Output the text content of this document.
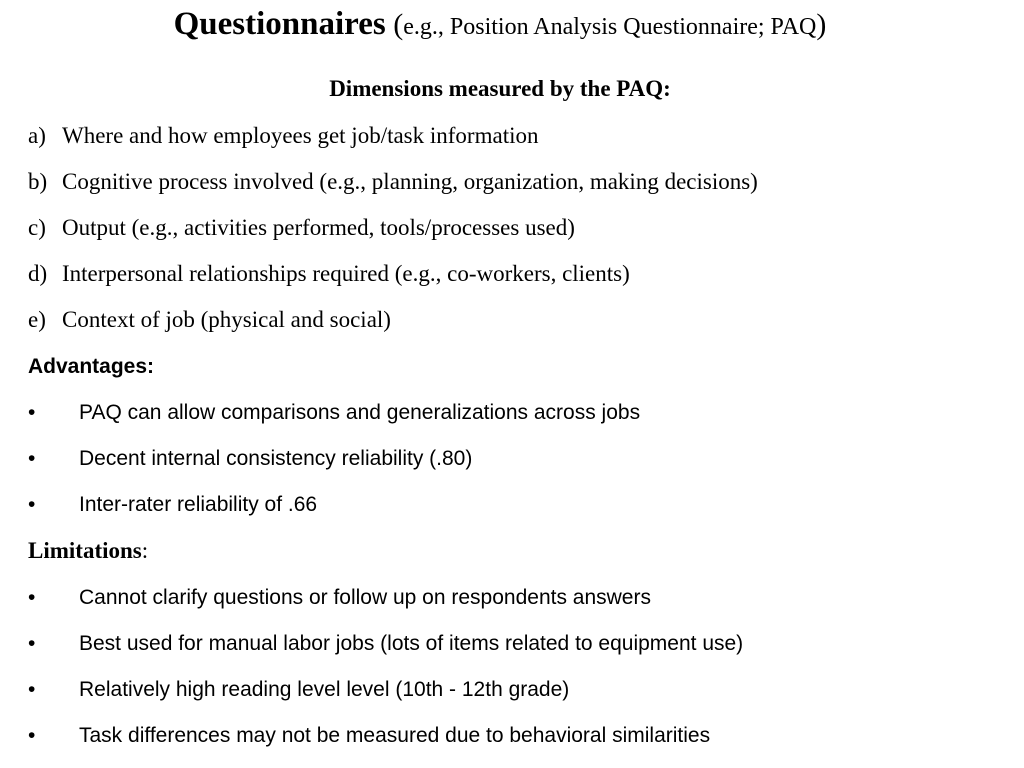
Questionnaires (e.g., Position Analysis Questionnaire; PAQ)
Dimensions measured by the PAQ:
a) Where and how employees get job/task information
b) Cognitive process involved (e.g., planning, organization, making decisions)
c) Output (e.g., activities performed, tools/processes used)
d) Interpersonal relationships required (e.g., co-workers, clients)
e) Context of job (physical and social)
Advantages:
• PAQ can allow comparisons and generalizations across jobs
• Decent internal consistency reliability (.80)
• Inter-rater reliability of .66
Limitations:
• Cannot clarify questions or follow up on respondents answers
• Best used for manual labor jobs (lots of items related to equipment use)
• Relatively high reading level level (10th - 12th grade)
• Task differences may not be measured due to behavioral similarities
